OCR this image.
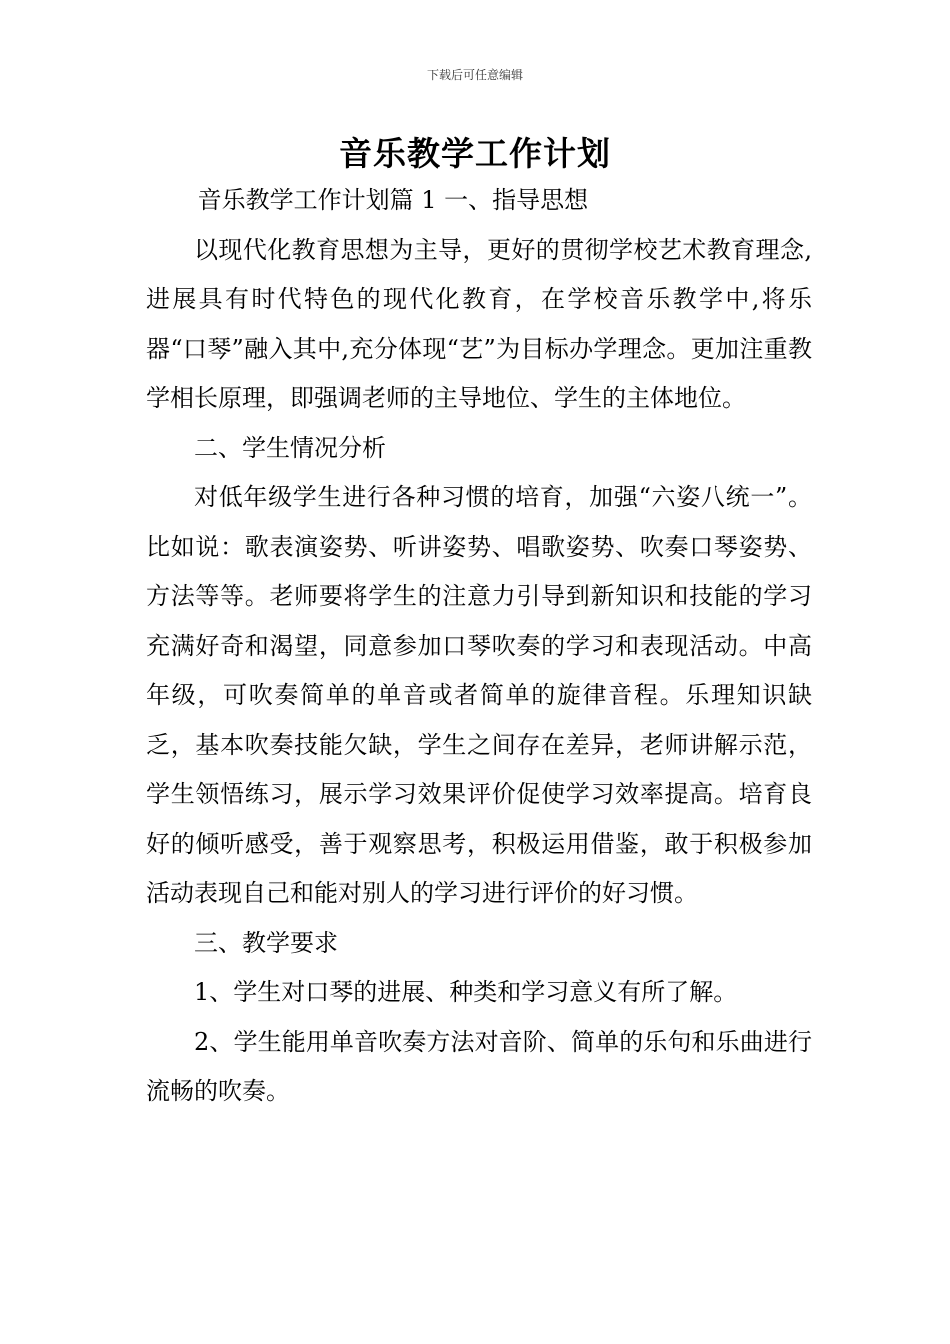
下载后可任意编辑
音乐教学工作计划

音乐教学工作计划篇 1 一、指导思想

以现代化教育思想为主导，更好的贯彻学校艺术教育理念,进展具有时代特色的现代化教育，在学校音乐教学中,将乐器“口琴”融入其中,充分体现“艺”为目标办学理念。更加注重教学相长原理，即强调老师的主导地位、学生的主体地位。

二、学生情况分析

对低年级学生进行各种习惯的培育，加强“六姿八统一”。比如说：歌表演姿势、听讲姿势、唱歌姿势、吹奏口琴姿势、方法等等。老师要将学生的注意力引导到新知识和技能的学习充满好奇和渴望，同意参加口琴吹奏的学习和表现活动。中高年级，可吹奏简单的单音或者简单的旋律音程。乐理知识缺乏，基本吹奏技能欠缺，学生之间存在差异，老师讲解示范，学生领悟练习，展示学习效果评价促使学习效率提高。培育良好的倾听感受，善于观察思考，积极运用借鉴，敢于积极参加活动表现自己和能对别人的学习进行评价的好习惯。

三、教学要求

1、学生对口琴的进展、种类和学习意义有所了解。

2、学生能用单音吹奏方法对音阶、简单的乐句和乐曲进行流畅的吹奏。
